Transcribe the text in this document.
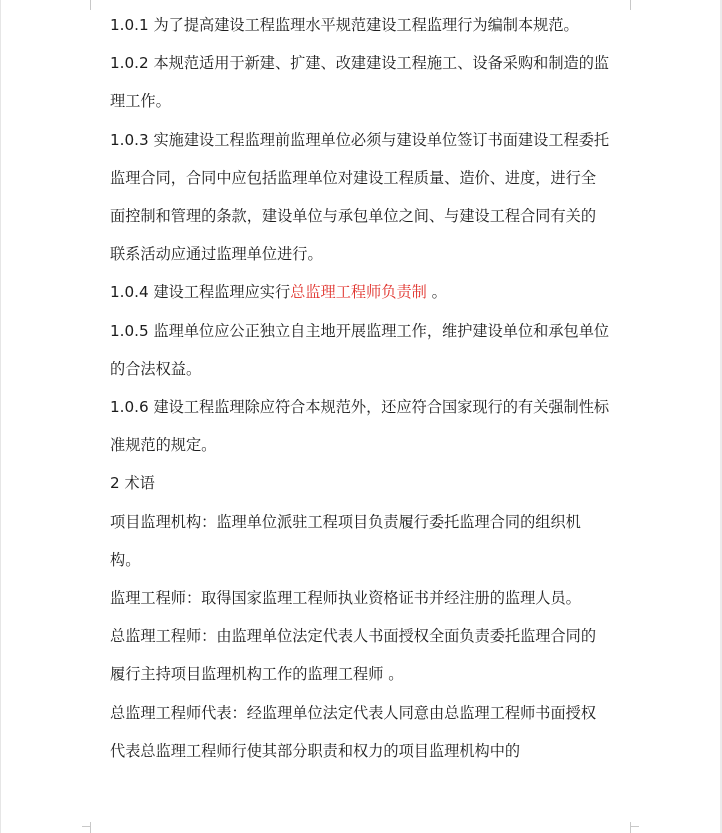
1.0.1 为了提高建设工程监理水平规范建设工程监理行为编制本规范。

1.0.2 本规范适用于新建、扩建、改建建设工程施工、设备采购和制造的监理工作。

1.0.3 实施建设工程监理前监理单位必须与建设单位签订书面建设工程委托监理合同，合同中应包括监理单位对建设工程质量、造价、进度，进行全面控制和管理的条款，建设单位与承包单位之间、与建设工程合同有关的联系活动应通过监理单位进行。

1.0.4 建设工程监理应实行总监理工程师负责制 。

1.0.5 监理单位应公正独立自主地开展监理工作，维护建设单位和承包单位的合法权益。

1.0.6 建设工程监理除应符合本规范外，还应符合国家现行的有关强制性标准规范的规定。

2 术语

项目监理机构：监理单位派驻工程项目负责履行委托监理合同的组织机构。

监理工程师：取得国家监理工程师执业资格证书并经注册的监理人员。

总监理工程师：由监理单位法定代表人书面授权全面负责委托监理合同的履行主持项目监理机构工作的监理工程师 。

总监理工程师代表：经监理单位法定代表人同意由总监理工程师书面授权代表总监理工程师行使其部分职责和权力的项目监理机构中的
